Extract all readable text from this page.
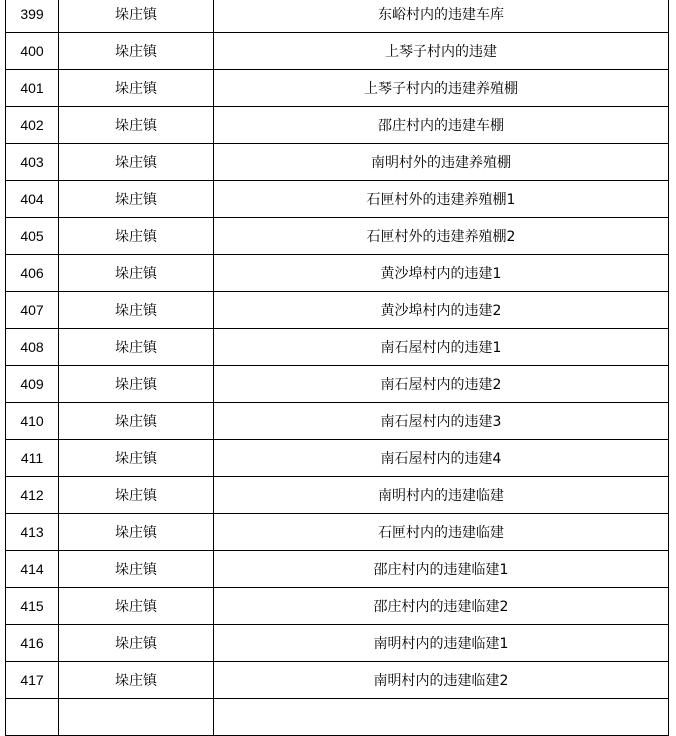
399	垛庄镇	东峪村内的违建车库
400	垛庄镇	上琴子村内的违建
401	垛庄镇	上琴子村内的违建养殖棚
402	垛庄镇	邵庄村内的违建车棚
403	垛庄镇	南明村外的违建养殖棚
404	垛庄镇	石匣村外的违建养殖棚1
405	垛庄镇	石匣村外的违建养殖棚2
406	垛庄镇	黄沙埠村内的违建1
407	垛庄镇	黄沙埠村内的违建2
408	垛庄镇	南石屋村内的违建1
409	垛庄镇	南石屋村内的违建2
410	垛庄镇	南石屋村内的违建3
411	垛庄镇	南石屋村内的违建4
412	垛庄镇	南明村内的违建临建
413	垛庄镇	石匣村内的违建临建
414	垛庄镇	邵庄村内的违建临建1
415	垛庄镇	邵庄村内的违建临建2
416	垛庄镇	南明村内的违建临建1
417	垛庄镇	南明村内的违建临建2
